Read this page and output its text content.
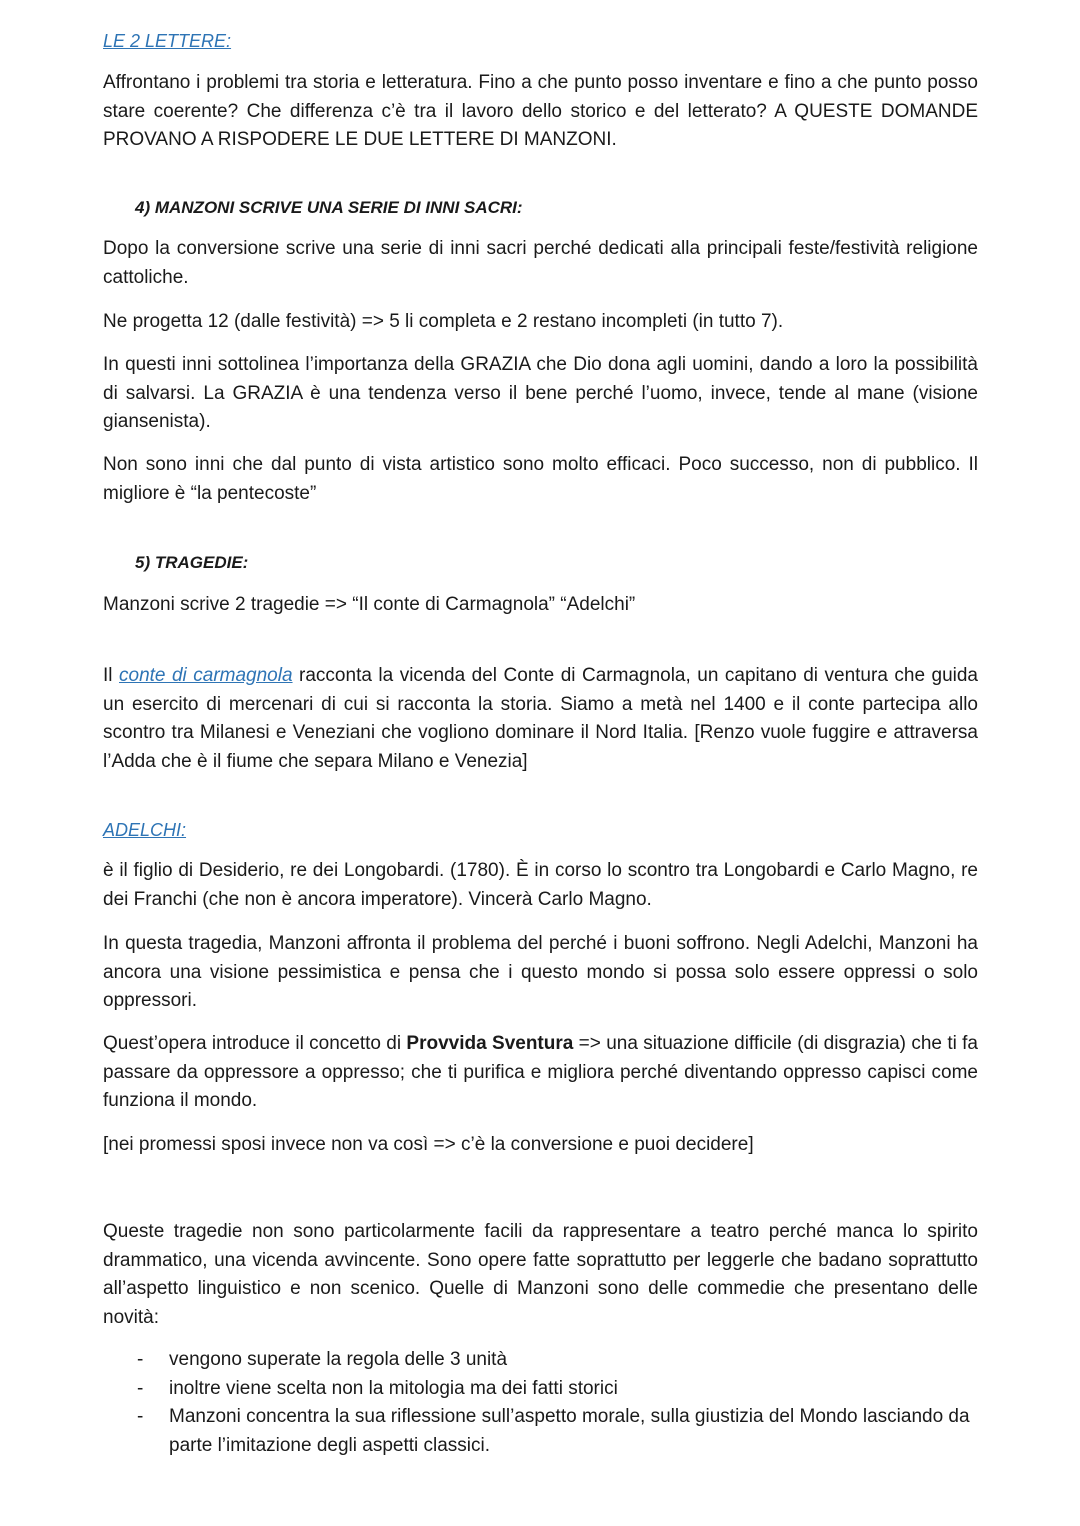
LE 2 LETTERE:

Affrontano i problemi tra storia e letteratura. Fino a che punto posso inventare e fino a che punto posso stare coerente? Che differenza c’è tra il lavoro dello storico e del letterato? A QUESTE DOMANDE PROVANO A RISPODERE LE DUE LETTERE DI MANZONI.

4) MANZONI SCRIVE UNA SERIE DI INNI SACRI:

Dopo la conversione scrive una serie di inni sacri perché dedicati alla principali feste/festività religione cattoliche.

Ne progetta 12 (dalle festività) => 5 li completa e 2 restano incompleti (in tutto 7).

In questi inni sottolinea l’importanza della GRAZIA che Dio dona agli uomini, dando a loro la possibilità di salvarsi. La GRAZIA è una tendenza verso il bene perché l’uomo, invece, tende al mane (visione giansenista).

Non sono inni che dal punto di vista artistico sono molto efficaci. Poco successo, non di pubblico. Il migliore è “la pentecoste”

5) TRAGEDIE:

Manzoni scrive 2 tragedie => “Il conte di Carmagnola” “Adelchi”

Il conte di carmagnola racconta la vicenda del Conte di Carmagnola, un capitano di ventura che guida un esercito di mercenari di cui si racconta la storia. Siamo a metà nel 1400 e il conte partecipa allo scontro tra Milanesi e Veneziani che vogliono dominare il Nord Italia. [Renzo vuole fuggire e attraversa l’Adda che è il fiume che separa Milano e Venezia]

ADELCHI:

è il figlio di Desiderio, re dei Longobardi. (1780). È in corso lo scontro tra Longobardi e Carlo Magno, re dei Franchi (che non è ancora imperatore). Vincerà Carlo Magno.

In questa tragedia, Manzoni affronta il problema del perché i buoni soffrono. Negli Adelchi, Manzoni ha ancora una visione pessimistica e pensa che i questo mondo si possa solo essere oppressi o solo oppressori.

Quest’opera introduce il concetto di Provvida Sventura => una situazione difficile (di disgrazia) che ti fa passare da oppressore a oppresso; che ti purifica e migliora perché diventando oppresso capisci come funziona il mondo.

[nei promessi sposi invece non va così => c’è la conversione e puoi decidere]

Queste tragedie non sono particolarmente facili da rappresentare a teatro perché manca lo spirito drammatico, una vicenda avvincente. Sono opere fatte soprattutto per leggerle che badano soprattutto all’aspetto linguistico e non scenico. Quelle di Manzoni sono delle commedie che presentano delle novità:

- vengono superate la regola delle 3 unità
- inoltre viene scelta non la mitologia ma dei fatti storici
- Manzoni concentra la sua riflessione sull’aspetto morale, sulla giustizia del Mondo lasciando da parte l’imitazione degli aspetti classici.
